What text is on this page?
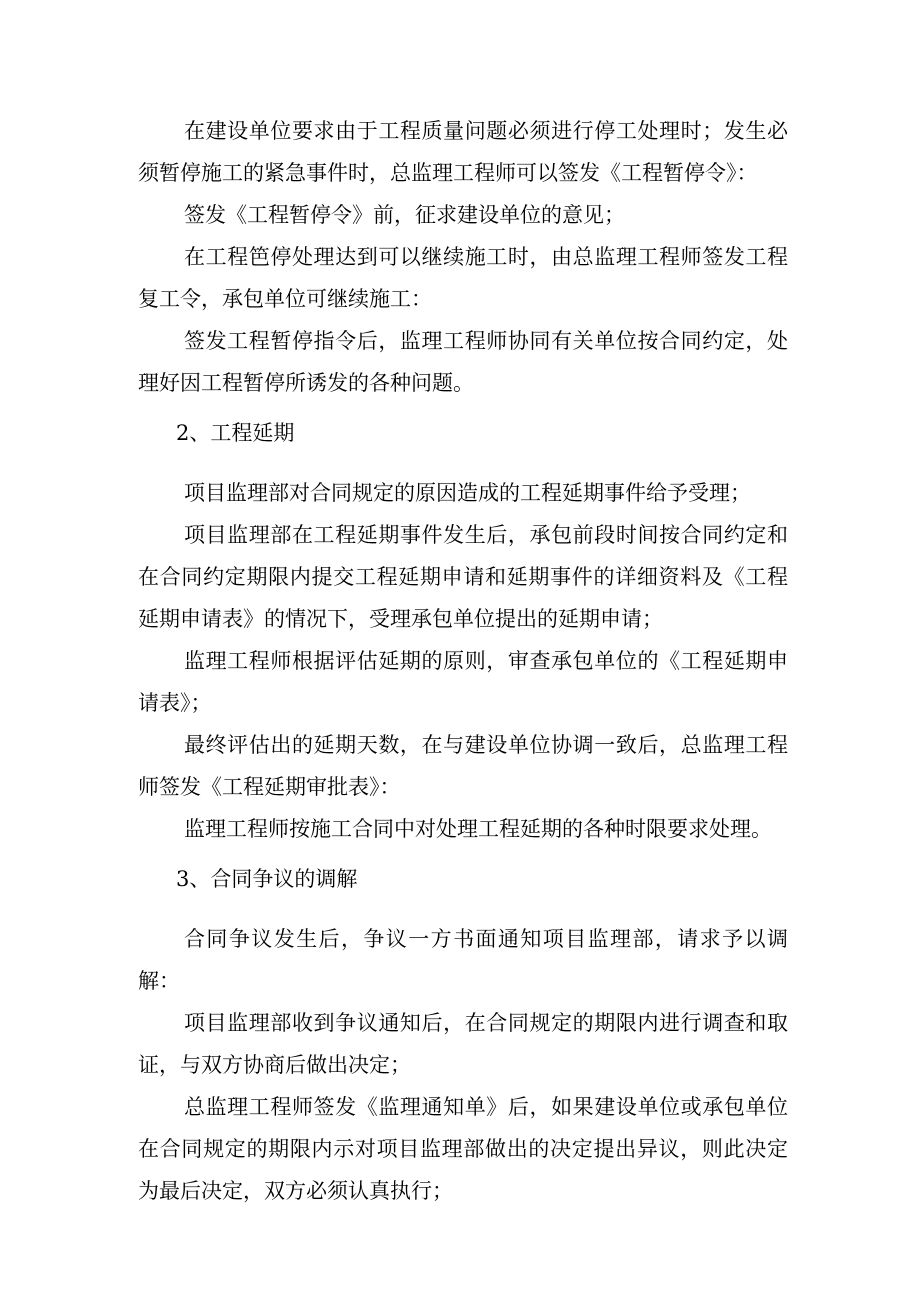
在建设单位要求由于工程质量问题必须进行停工处理时；发生必须暂停施工的紧急事件时，总监理工程师可以签发《工程暂停令》：

签发《工程暂停令》前，征求建设单位的意见；

在工程笆停处理达到可以继续施工时，由总监理工程师签发工程复工令，承包单位可继续施工：

签发工程暂停指令后，监理工程师协同有关单位按合同约定，处理好因工程暂停所诱发的各种问题。

2、工程延期

项目监理部对合同规定的原因造成的工程延期事件给予受理；

项目监理部在工程延期事件发生后，承包前段时间按合同约定和在合同约定期限内提交工程延期申请和延期事件的详细资料及《工程延期申请表》的情况下，受理承包单位提出的延期申请；

监理工程师根据评估延期的原则，审查承包单位的《工程延期申请表》；

最终评估出的延期天数，在与建设单位协调一致后，总监理工程师签发《工程延期审批表》：

监理工程师按施工合同中对处理工程延期的各种时限要求处理。

3、合同争议的调解

合同争议发生后，争议一方书面通知项目监理部，请求予以调解：

项目监理部收到争议通知后，在合同规定的期限内进行调查和取证，与双方协商后做出决定；

总监理工程师签发《监理通知单》后，如果建设单位或承包单位在合同规定的期限内示对项目监理部做出的决定提出异议，则此决定为最后决定，双方必须认真执行；
